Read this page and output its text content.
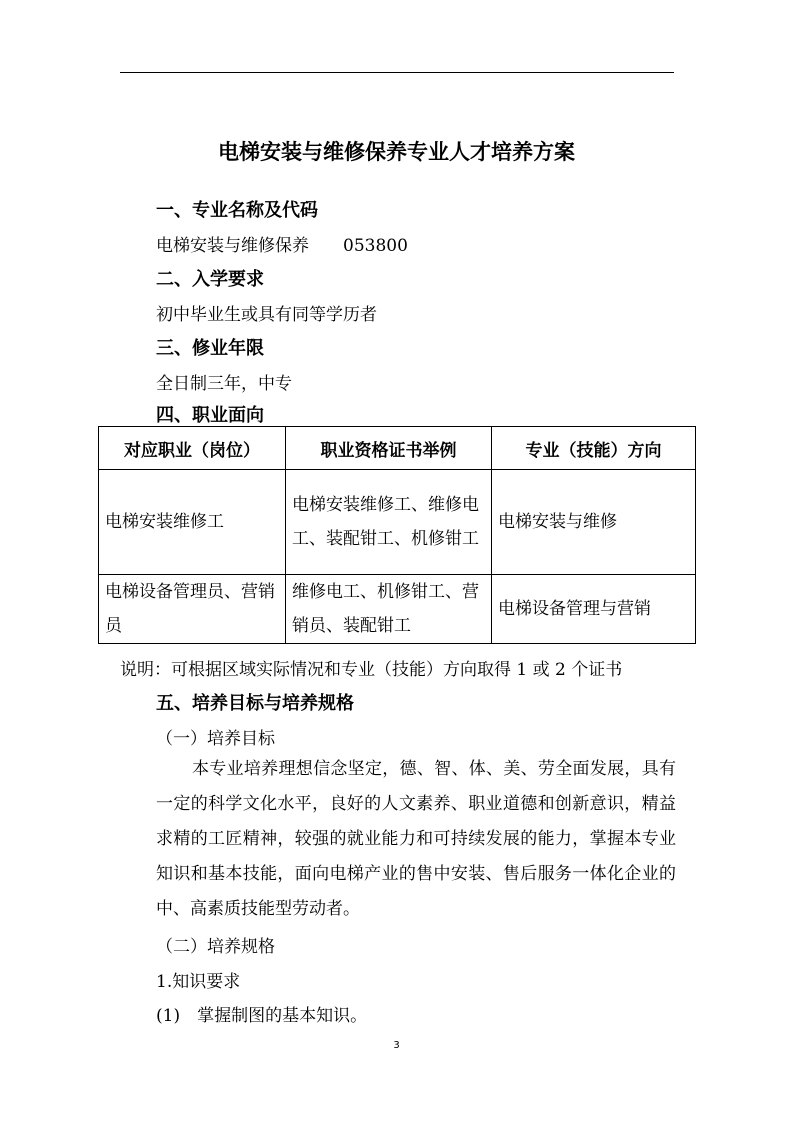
电梯安装与维修保养专业人才培养方案
一、专业名称及代码
电梯安装与维修保养 053800
二、入学要求
初中毕业生或具有同等学历者
三、修业年限
全日制三年，中专
四、职业面向
对应职业（岗位）	职业资格证书举例	专业（技能）方向
电梯安装维修工	电梯安装维修工、维修电工、装配钳工、机修钳工	电梯安装与维修
电梯设备管理员、营销员	维修电工、机修钳工、营销员、装配钳工	电梯设备管理与营销
说明：可根据区域实际情况和专业（技能）方向取得 1 或 2 个证书
五、培养目标与培养规格
（一）培养目标
本专业培养理想信念坚定，德、智、体、美、劳全面发展，具有一定的科学文化水平，良好的人文素养、职业道德和创新意识，精益求精的工匠精神，较强的就业能力和可持续发展的能力，掌握本专业知识和基本技能，面向电梯产业的售中安装、售后服务一体化企业的中、高素质技能型劳动者。
（二）培养规格
1.知识要求
(1)　掌握制图的基本知识。
3
